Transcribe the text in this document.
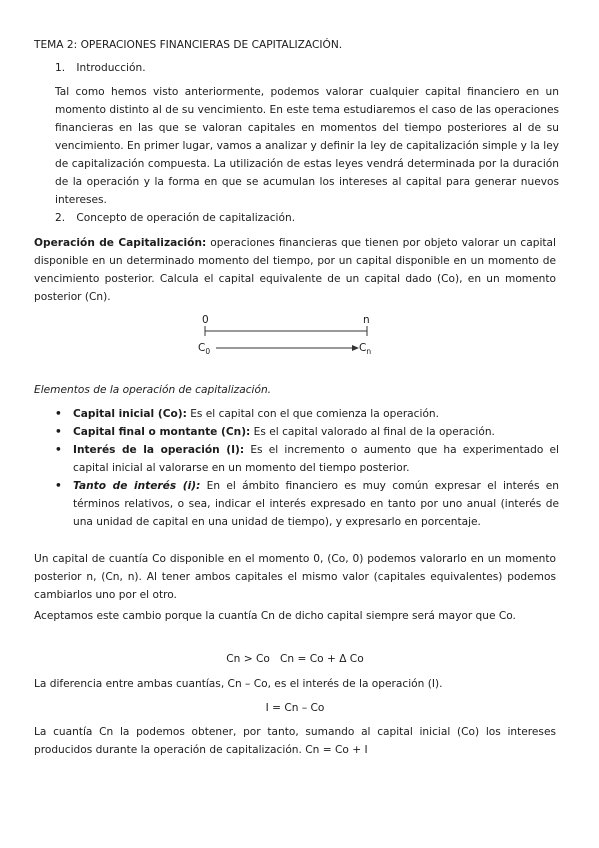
TEMA 2: OPERACIONES FINANCIERAS DE CAPITALIZACIÓN.
1. Introducción.

Tal como hemos visto anteriormente, podemos valorar cualquier capital financiero en un momento distinto al de su vencimiento. En este tema estudiaremos el caso de las operaciones financieras en las que se valoran capitales en momentos del tiempo posteriores al de su vencimiento. En primer lugar, vamos a analizar y definir la ley de capitalización simple y la ley de capitalización compuesta. La utilización de estas leyes vendrá determinada por la duración de la operación y la forma en que se acumulan los intereses al capital para generar nuevos intereses.

2. Concepto de operación de capitalización.

Operación de Capitalización: operaciones financieras que tienen por objeto valorar un capital disponible en un determinado momento del tiempo, por un capital disponible en un momento de vencimiento posterior. Calcula el capital equivalente de un capital dado (Co), en un momento posterior (Cn).

0	n
$C_0$	$C_n$
Elementos de la operación de capitalización.
• Capital inicial (Co): Es el capital con el que comienza la operación.
• Capital final o montante (Cn): Es el capital valorado al final de la operación.
• Interés de la operación (I): Es el incremento o aumento que ha experimentado el capital inicial al valorarse en un momento del tiempo posterior.
• Tanto de interés (i): En el ámbito financiero es muy común expresar el interés en términos relativos, o sea, indicar el interés expresado en tanto por uno anual (interés de una unidad de capital en una unidad de tiempo), y expresarlo en porcentaje.

Un capital de cuantía Co disponible en el momento 0, (Co, 0) podemos valorarlo en un momento posterior n, (Cn, n). Al tener ambos capitales el mismo valor (capitales equivalentes) podemos cambiarlos uno por el otro.

Aceptamos este cambio porque la cuantía Cn de dicho capital siempre será mayor que Co.

Cn > Co   Cn = Co + Δ Co

La diferencia entre ambas cuantías, Cn – Co, es el interés de la operación (I).

I = Cn – Co

La cuantía Cn la podemos obtener, por tanto, sumando al capital inicial (Co) los intereses producidos durante la operación de capitalización. Cn = Co + I
